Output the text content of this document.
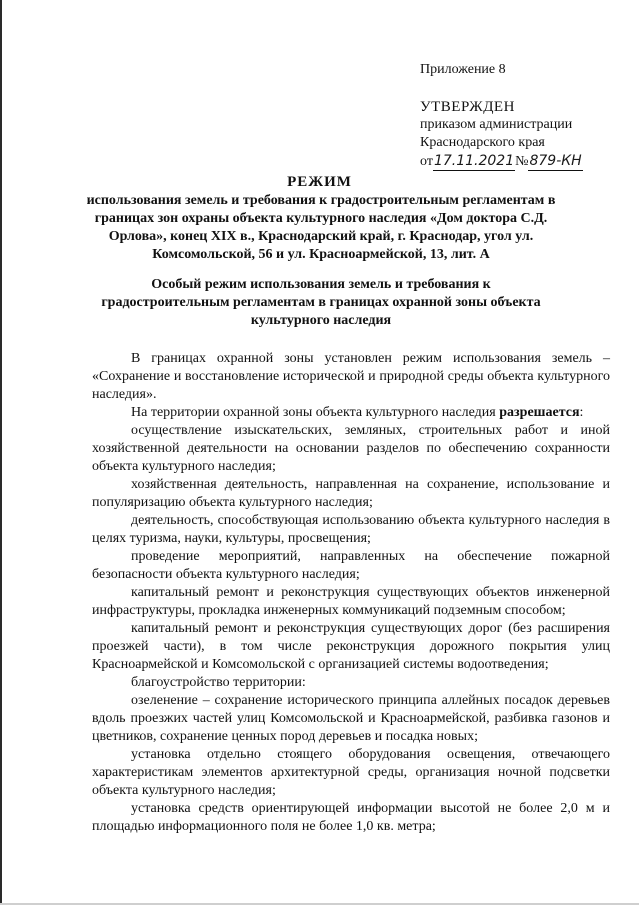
Приложение 8
УТВЕРЖДЕН
приказом администрации
Краснодарского края
от 17.11.2021 № 879-КН
РЕЖИМ
использования земель и требования к градостроительным регламентам в границах зон охраны объекта культурного наследия «Дом доктора С.Д. Орлова», конец XIX в., Краснодарский край, г. Краснодар, угол ул. Комсомольской, 56 и ул. Красноармейской, 13, лит. А
Особый режим использования земель и требования к градостроительным регламентам в границах охранной зоны объекта культурного наследия

В границах охранной зоны установлен режим использования земель – «Сохранение и восстановление исторической и природной среды объекта культурного наследия».

На территории охранной зоны объекта культурного наследия разрешается:

осуществление изыскательских, земляных, строительных работ и иной хозяйственной деятельности на основании разделов по обеспечению сохранности объекта культурного наследия;

хозяйственная деятельность, направленная на сохранение, использование и популяризацию объекта культурного наследия;

деятельность, способствующая использованию объекта культурного наследия в целях туризма, науки, культуры, просвещения;

проведение мероприятий, направленных на обеспечение пожарной безопасности объекта культурного наследия;

капитальный ремонт и реконструкция существующих объектов инженерной инфраструктуры, прокладка инженерных коммуникаций подземным способом;

капитальный ремонт и реконструкция существующих дорог (без расширения проезжей части), в том числе реконструкция дорожного покрытия улиц Красноармейской и Комсомольской с организацией системы водоотведения;

благоустройство территории:

озеленение – сохранение исторического принципа аллейных посадок деревьев вдоль проезжих частей улиц Комсомольской и Красноармейской, разбивка газонов и цветников, сохранение ценных пород деревьев и посадка новых;

установка отдельно стоящего оборудования освещения, отвечающего характеристикам элементов архитектурной среды, организация ночной подсветки объекта культурного наследия;

установка средств ориентирующей информации высотой не более 2,0 м и площадью информационного поля не более 1,0 кв. метра;
